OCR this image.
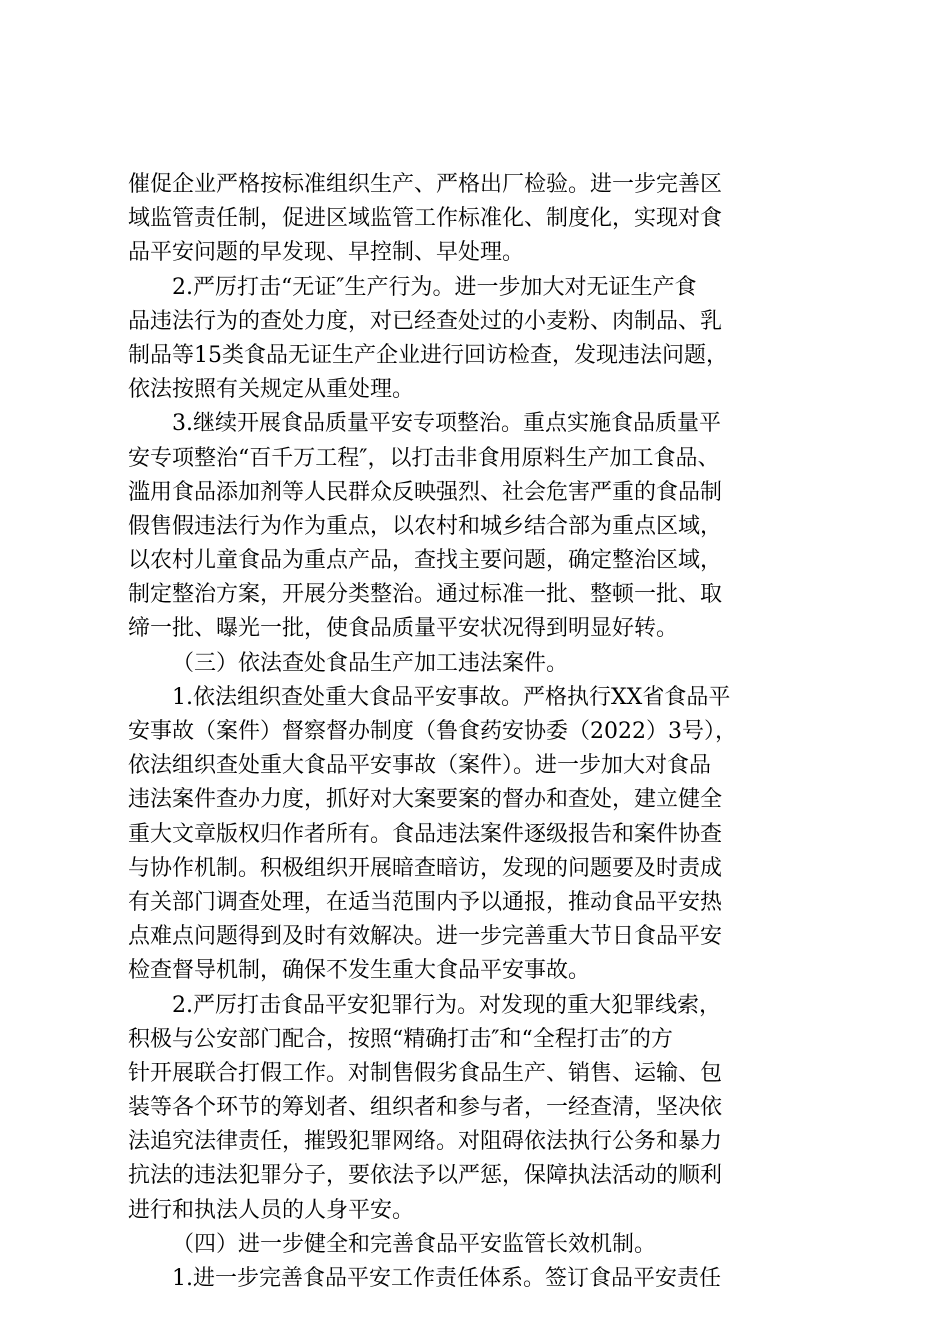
催促企业严格按标准组织生产、严格出厂检验。进一步完善区
域监管责任制，促进区域监管工作标准化、制度化，实现对食
品平安问题的早发现、早控制、早处理。
2.严厉打击“无证″生产行为。进一步加大对无证生产食
品违法行为的查处力度，对已经查处过的小麦粉、肉制品、乳
制品等15类食品无证生产企业进行回访检查，发现违法问题，
依法按照有关规定从重处理。
3.继续开展食品质量平安专项整治。重点实施食品质量平
安专项整治“百千万工程″，以打击非食用原料生产加工食品、
滥用食品添加剂等人民群众反映强烈、社会危害严重的食品制
假售假违法行为作为重点，以农村和城乡结合部为重点区域，
以农村儿童食品为重点产品，查找主要问题，确定整治区域，
制定整治方案，开展分类整治。通过标准一批、整顿一批、取
缔一批、曝光一批，使食品质量平安状况得到明显好转。
（三）依法查处食品生产加工违法案件。
1.依法组织查处重大食品平安事故。严格执行XX省食品平
安事故（案件）督察督办制度（鲁食药安协委（2022）3号），
依法组织查处重大食品平安事故（案件）。进一步加大对食品
违法案件查办力度，抓好对大案要案的督办和查处，建立健全
重大文章版权归作者所有。食品违法案件逐级报告和案件协查
与协作机制。积极组织开展暗查暗访，发现的问题要及时责成
有关部门调查处理，在适当范围内予以通报，推动食品平安热
点难点问题得到及时有效解决。进一步完善重大节日食品平安
检查督导机制，确保不发生重大食品平安事故。
2.严厉打击食品平安犯罪行为。对发现的重大犯罪线索，
积极与公安部门配合，按照“精确打击″和“全程打击″的方
针开展联合打假工作。对制售假劣食品生产、销售、运输、包
装等各个环节的筹划者、组织者和参与者，一经查清，坚决依
法追究法律责任，摧毁犯罪网络。对阻碍依法执行公务和暴力
抗法的违法犯罪分子，要依法予以严惩，保障执法活动的顺利
进行和执法人员的人身平安。
（四）进一步健全和完善食品平安监管长效机制。
1.进一步完善食品平安工作责任体系。签订食品平安责任
